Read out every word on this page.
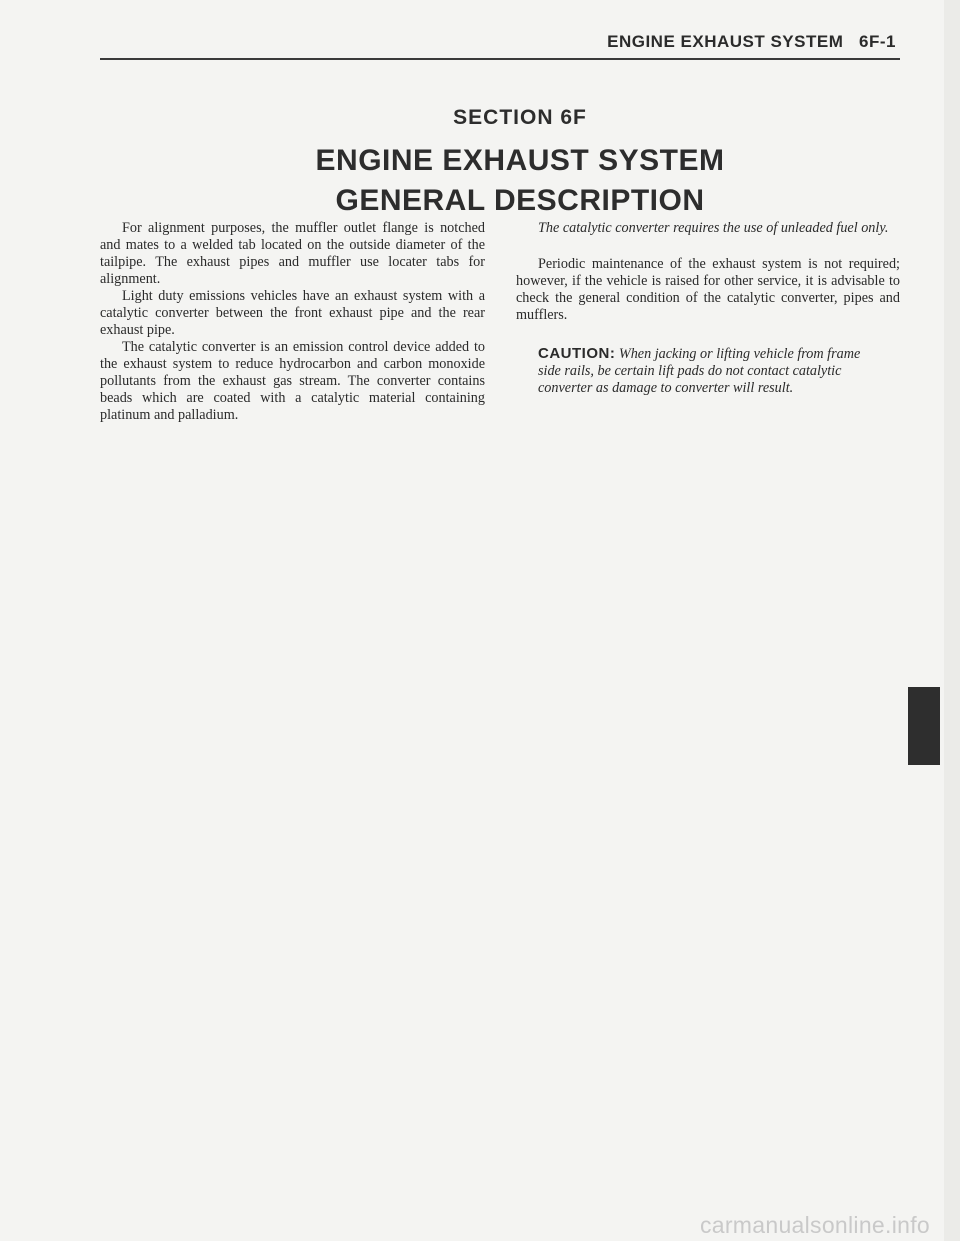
ENGINE EXHAUST SYSTEM   6F-1
SECTION 6F
ENGINE EXHAUST SYSTEM
GENERAL DESCRIPTION

For alignment purposes, the muffler outlet flange is notched and mates to a welded tab located on the outside diameter of the tailpipe. The exhaust pipes and muffler use locater tabs for alignment.

Light duty emissions vehicles have an exhaust system with a catalytic converter between the front exhaust pipe and the rear exhaust pipe.

The catalytic converter is an emission control device added to the exhaust system to reduce hydrocarbon and carbon monoxide pollutants from the exhaust gas stream. The converter contains beads which are coated with a catalytic material containing platinum and palladium.

The catalytic converter requires the use of unleaded fuel only.

Periodic maintenance of the exhaust system is not required; however, if the vehicle is raised for other service, it is advisable to check the general condition of the catalytic converter, pipes and mufflers.

CAUTION: When jacking or lifting vehicle from frame side rails, be certain lift pads do not contact catalytic converter as damage to converter will result.
carmanualsonline.info
